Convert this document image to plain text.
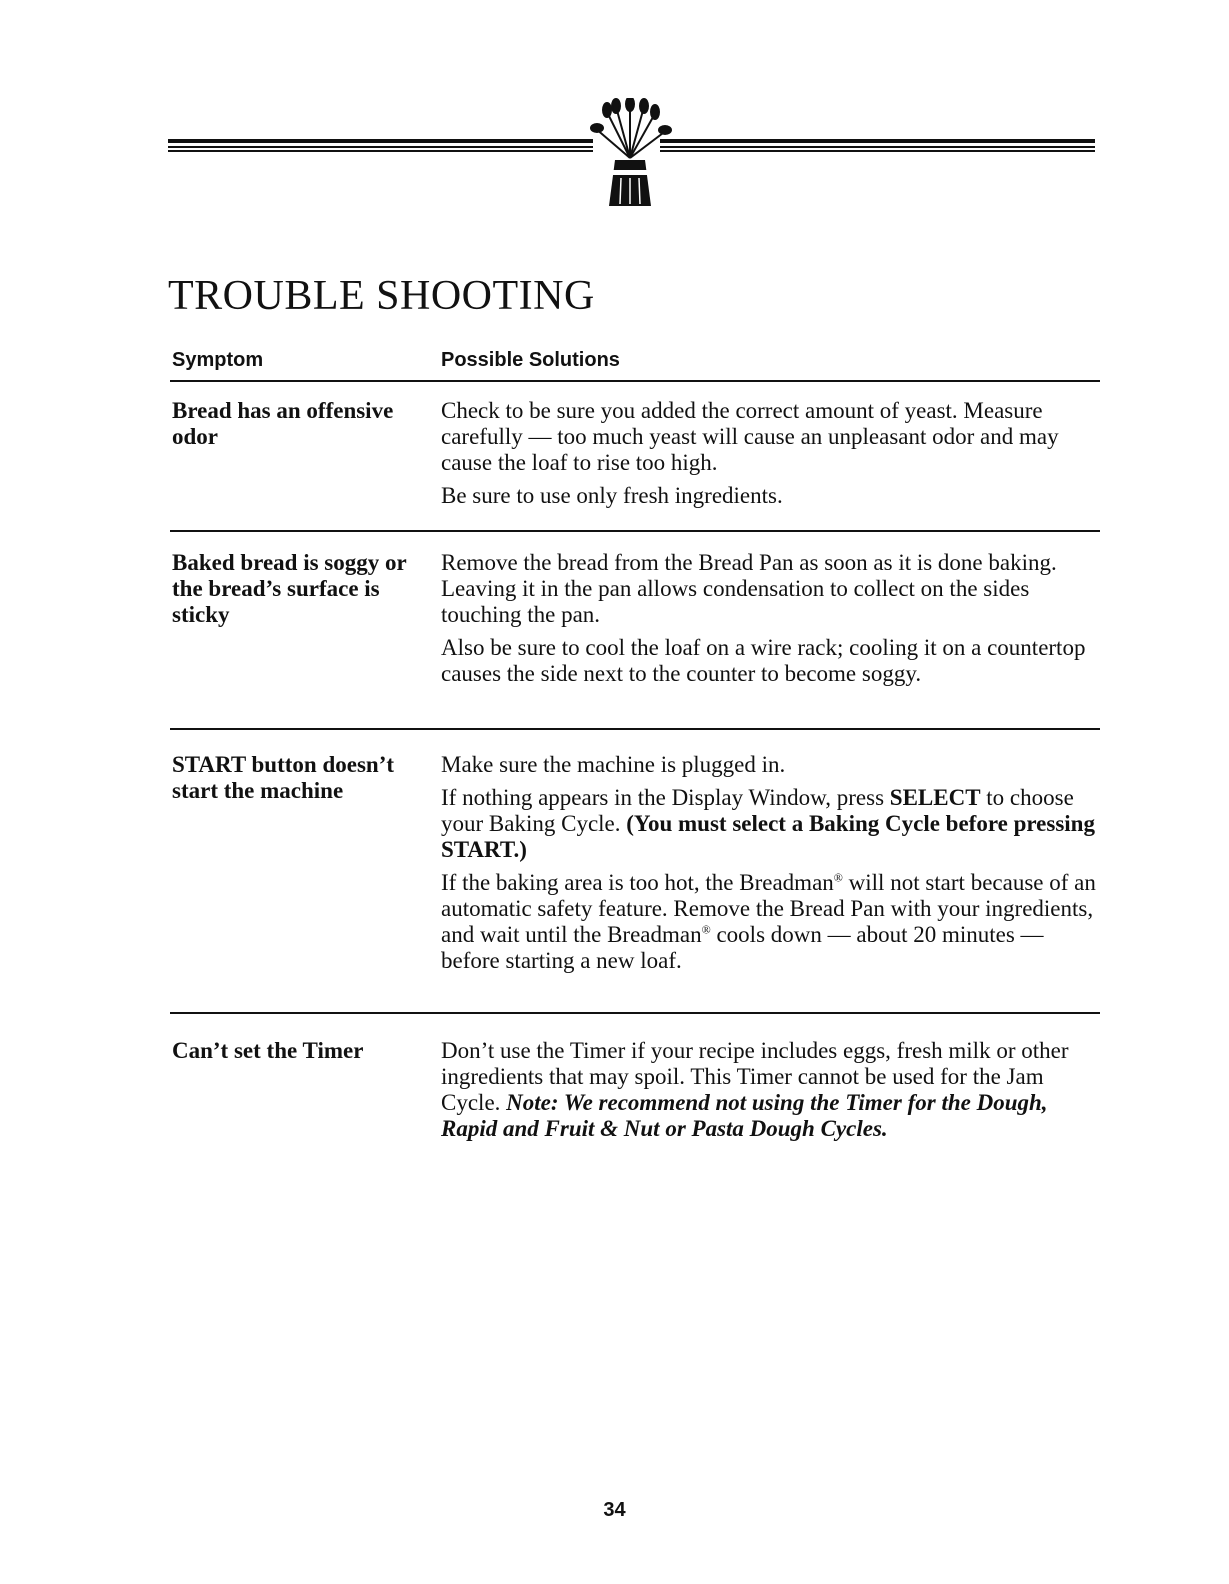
TROUBLE SHOOTING
Symptom	Possible Solutions
Bread has an offensive odor

Check to be sure you added the correct amount of yeast. Measure carefully — too much yeast will cause an unpleasant odor and may cause the loaf to rise too high.

Be sure to use only fresh ingredients.

Baked bread is soggy or the bread’s surface is sticky

Remove the bread from the Bread Pan as soon as it is done baking. Leaving it in the pan allows condensation to collect on the sides touching the pan.

Also be sure to cool the loaf on a wire rack; cooling it on a countertop causes the side next to the counter to become soggy.

START button doesn’t start the machine

Make sure the machine is plugged in.

If nothing appears in the Display Window, press SELECT to choose your Baking Cycle. (You must select a Baking Cycle before pressing START.)

If the baking area is too hot, the Breadman® will not start because of an automatic safety feature. Remove the Bread Pan with your ingredients, and wait until the Breadman® cools down — about 20 minutes — before starting a new loaf.

Can’t set the Timer	Don’t use the Timer if your recipe includes eggs, fresh milk or other ingredients that may spoil. This Timer cannot be used for the Jam Cycle. Note: We recommend not using the Timer for the Dough, Rapid and Fruit & Nut or Pasta Dough Cycles.

34
